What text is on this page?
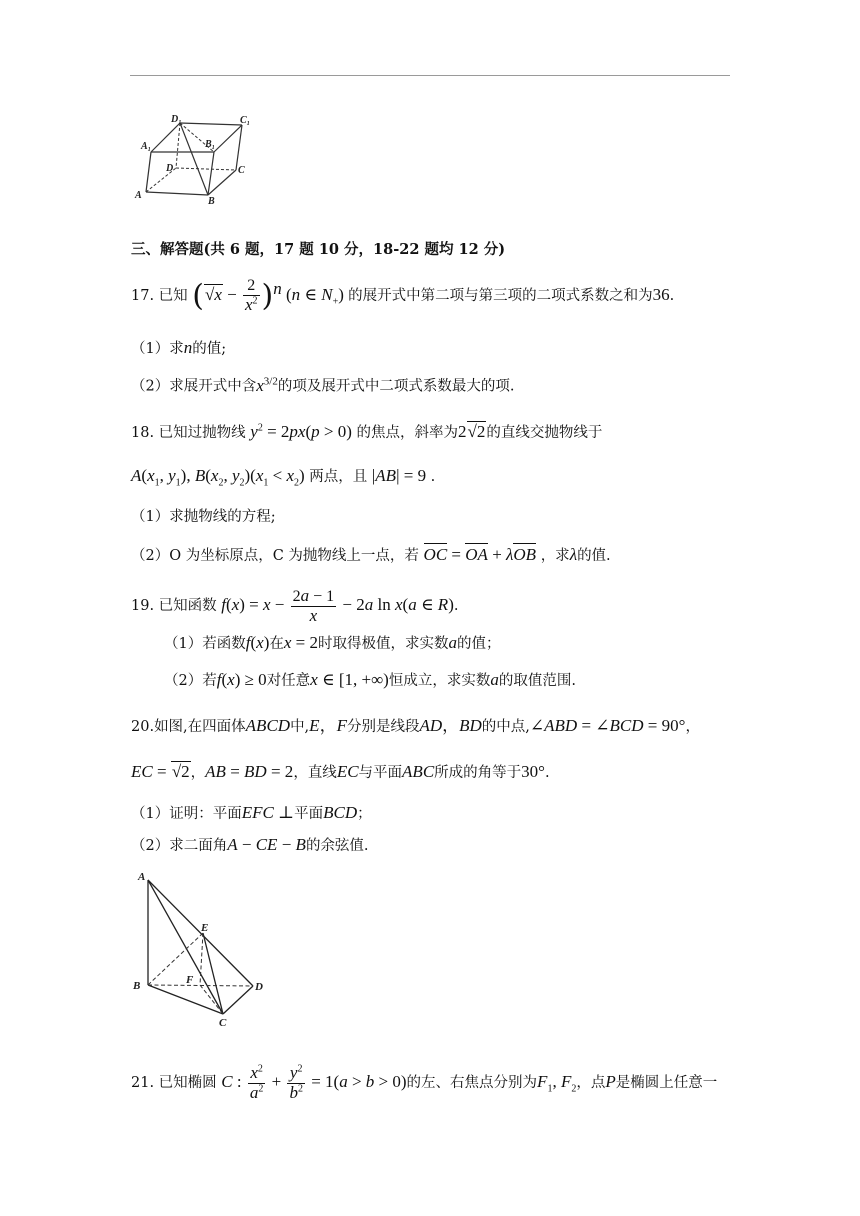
D₁	C₁
A₁	B₁
D	C
A
B
三、解答题(共 6 题，17 题 10 分，18-22 题均 12 分)
17. 已知 $(√x - \frac{2}{x^2} )^n$ (n ∈ $N_+$) 的展开式中第二项与第三项的二项式系数之和为36.
（1）求n的值;
（2）求展开式中含$x^{3/2}$的项及展开式中二项式系数最大的项.
18. 已知过抛物线 $y^2 = 2px(p > 0)$ 的焦点，斜率为2√2的直线交抛物线于
$A(x_1$, $y_1$), $B(x_2$, $y_2)(x_1 < x_2)$ 两点，且 |AB| = 9 .
（1）求抛物线的方程;
（2）O 为坐标原点，C 为抛物线上一点，若 OC = OA + λOB ，求λ的值.
19. 已知函数 $f(x) = x - \frac{2a - 1}{x} - 2a$ ln x(a ∈ R).
（1）若函数f(x)在x = 2时取得极值，求实数a的值；
（2）若f(x) ≥ 0对任意x ∈ [1, +∞)恒成立，求实数a的取值范围.
20.如图,在四面体ABCD中,E，F分别是线段AD，BD的中点,∠ABD = ∠BCD = 90°，
EC = √2，AB = BD = 2，直线EC与平面ABC所成的角等于30°.
（1）证明：平面EFC ⊥平面BCD；
（2）求二面角A − CE − B的余弦值.
A
E
B	F
D
C
21. 已知椭圆 C : $\frac{x^2}{a^2} + \frac{y^2}{b^2} = 1(a > b > 0)$的左、右焦点分别为$F_1$, $F_2$，点P是椭圆上任意一
